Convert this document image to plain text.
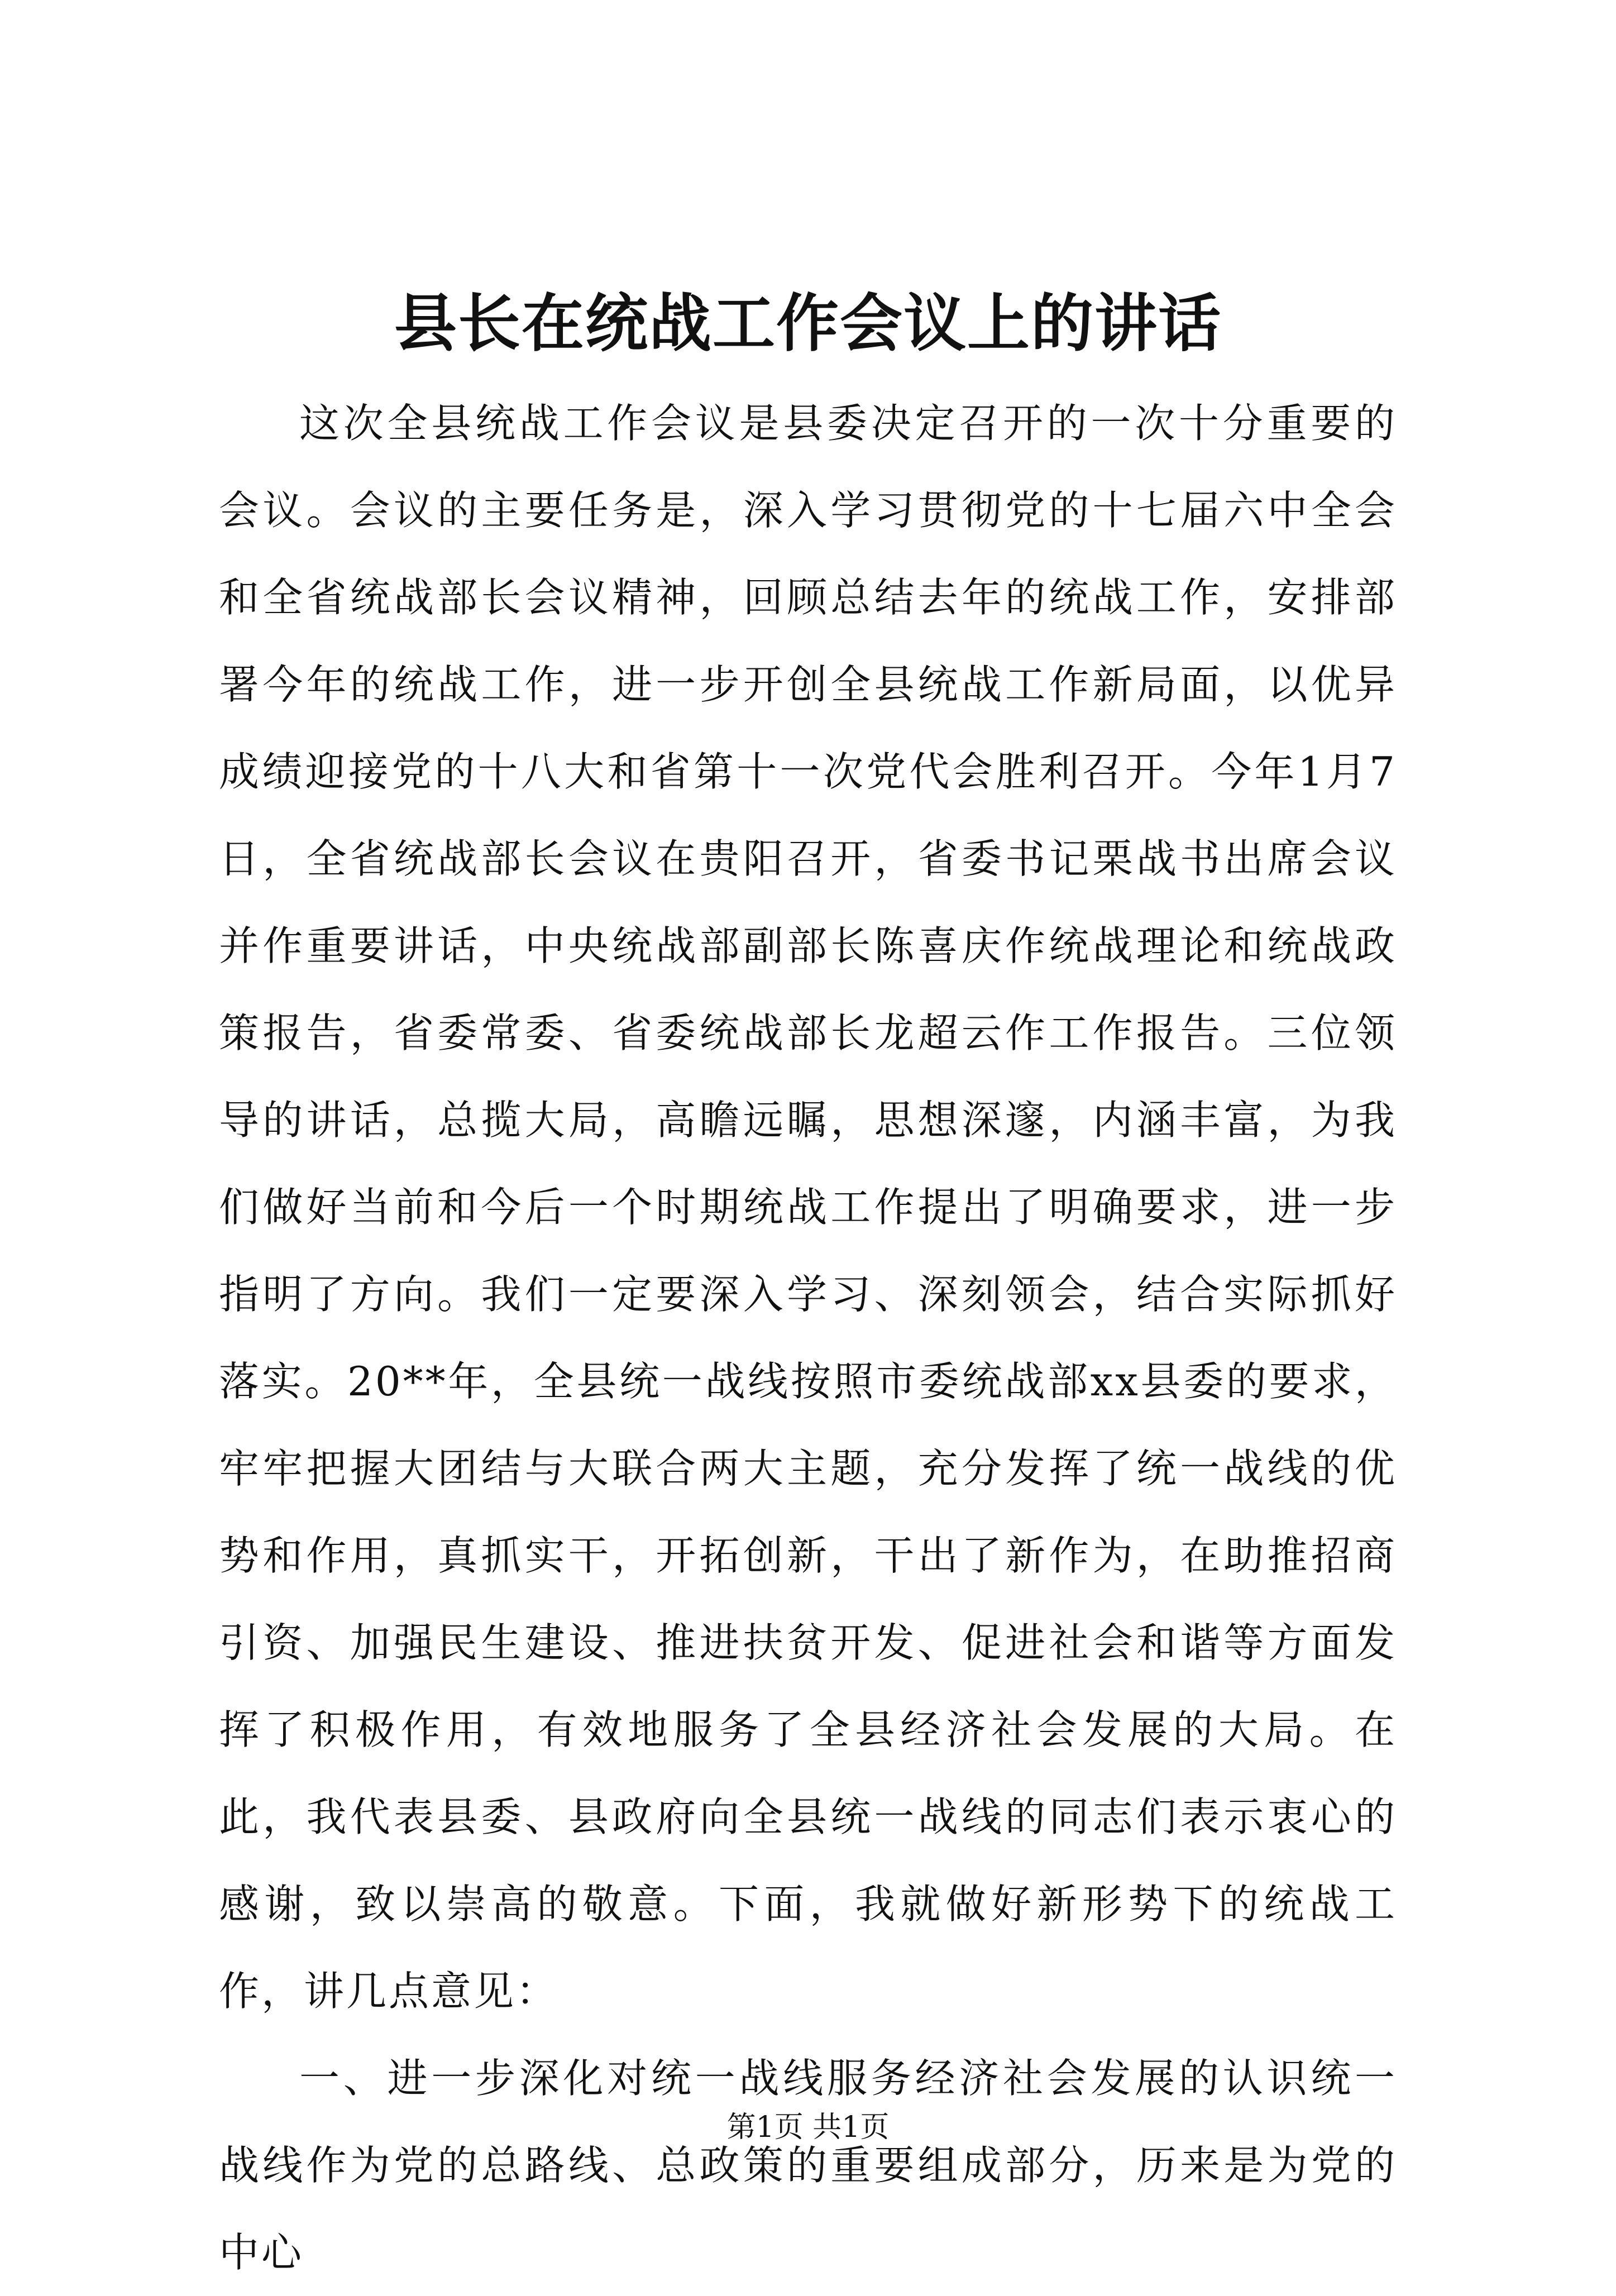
县长在统战工作会议上的讲话

这次全县统战工作会议是县委决定召开的一次十分重要的会议。会议的主要任务是，深入学习贯彻党的十七届六中全会和全省统战部长会议精神，回顾总结去年的统战工作，安排部署今年的统战工作，进一步开创全县统战工作新局面，以优异成绩迎接党的十八大和省第十一次党代会胜利召开。今年1月7日，全省统战部长会议在贵阳召开，省委书记栗战书出席会议并作重要讲话，中央统战部副部长陈喜庆作统战理论和统战政策报告，省委常委、省委统战部长龙超云作工作报告。三位领导的讲话，总揽大局，高瞻远瞩，思想深邃，内涵丰富，为我们做好当前和今后一个时期统战工作提出了明确要求，进一步指明了方向。我们一定要深入学习、深刻领会，结合实际抓好落实。20**年，全县统一战线按照市委统战部xx县委的要求，牢牢把握大团结与大联合两大主题，充分发挥了统一战线的优势和作用，真抓实干，开拓创新，干出了新作为，在助推招商引资、加强民生建设、推进扶贫开发、促进社会和谐等方面发挥了积极作用，有效地服务了全县经济社会发展的大局。在此，我代表县委、县政府向全县统一战线的同志们表示衷心的感谢，致以崇高的敬意。下面，我就做好新形势下的统战工作，讲几点意见：

一、进一步深化对统一战线服务经济社会发展的认识统一战线作为党的总路线、总政策的重要组成部分，历来是为党的中心

第1页 共1页
